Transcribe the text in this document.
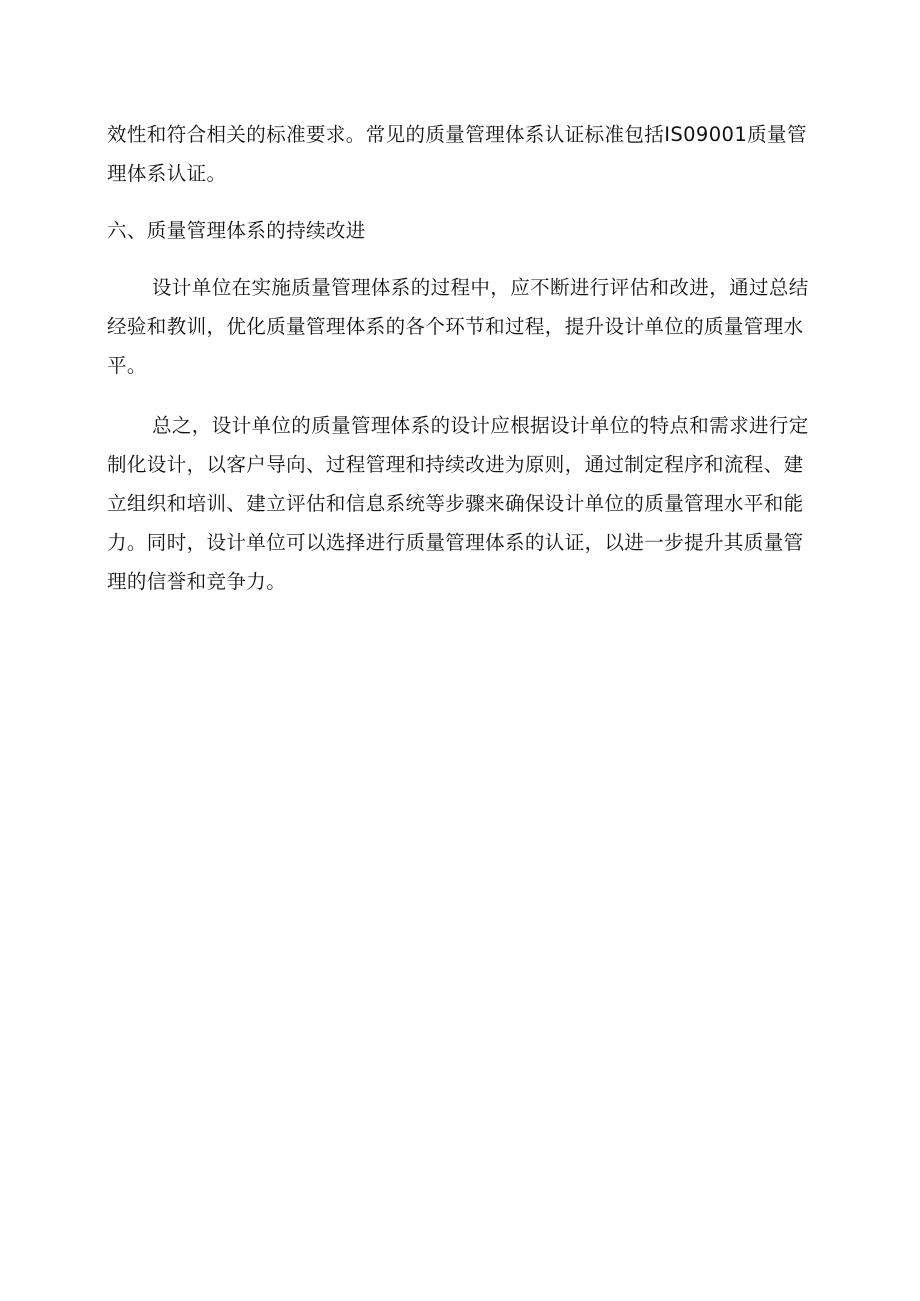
效性和符合相关的标准要求。常见的质量管理体系认证标准包括IS09001质量管理体系认证。
六、质量管理体系的持续改进
设计单位在实施质量管理体系的过程中，应不断进行评估和改进，通过总结经验和教训，优化质量管理体系的各个环节和过程，提升设计单位的质量管理水平。
总之，设计单位的质量管理体系的设计应根据设计单位的特点和需求进行定制化设计，以客户导向、过程管理和持续改进为原则，通过制定程序和流程、建立组织和培训、建立评估和信息系统等步骤来确保设计单位的质量管理水平和能力。同时，设计单位可以选择进行质量管理体系的认证，以进一步提升其质量管理的信誉和竞争力。
